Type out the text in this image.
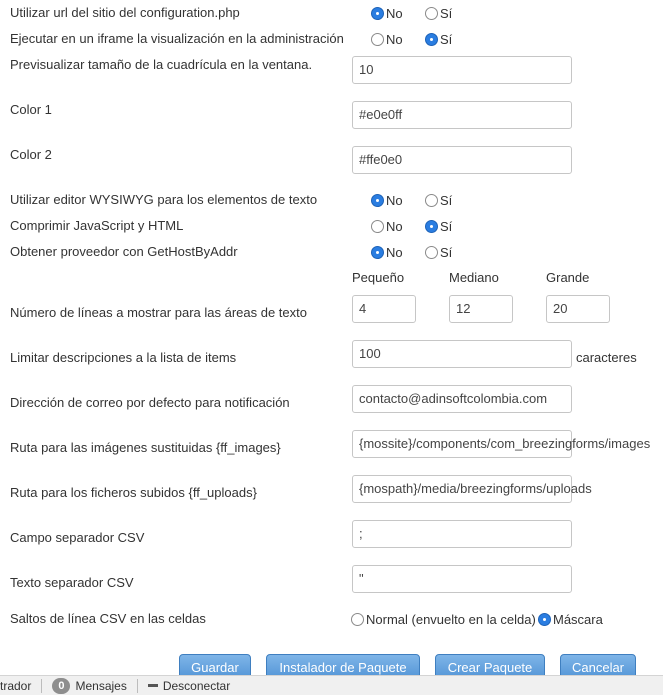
Utilizar url del sitio del configuration.php	No	Sí
Ejecutar en un iframe la visualización en la administración	No	Sí
Previsualizar tamaño de la cuadrícula en la ventana.	10
Color 1	#e0e0ff
Color 2	#ffe0e0
Utilizar editor WYSIWYG para los elementos de texto	No	Sí
Comprimir JavaScript y HTML	No	Sí
Obtener proveedor con GetHostByAddr	No	Sí
Pequeño	Mediano	Grande
Número de líneas a mostrar para las áreas de texto	4	12	20
Limitar descripciones a la lista de items	100	caracteres
Dirección de correo por defecto para notificación	contacto@adinsoftcolombia.com
Ruta para las imágenes sustituidas {ff_images}	{mossite}/components/com_breezingforms/images
Ruta para los ficheros subidos {ff_uploads}	{mospath}/media/breezingforms/uploads
Campo separador CSV	;
Texto separador CSV	"
Saltos de línea CSV en las celdas	Normal (envuelto en la celda) Máscara
Guardar	Instalador de Paquete	Crear Paquete	Cancelar
trador	0 Mensajes	Desconectar
